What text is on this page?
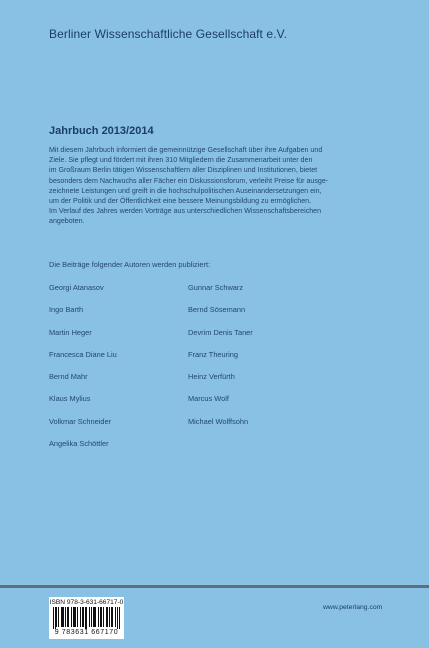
Berliner Wissenschaftliche Gesellschaft e.V.
Jahrbuch 2013/2014
Mit diesem Jahrbuch informiert die gemeinnützige Gesellschaft über ihre Aufgaben und
Ziele. Sie pflegt und fördert mit ihren 310 Mitgliedern die Zusammenarbeit unter den
im Großraum Berlin tätigen Wissenschaftlern aller Disziplinen und Institutionen, bietet
besonders dem Nachwuchs aller Fächer ein Diskussionsforum, verleiht Preise für ausge-
zeichnete Leistungen und greift in die hochschulpolitischen Auseinandersetzungen ein,
um der Politik und der Öffentlichkeit eine bessere Meinungsbildung zu ermöglichen.
Im Verlauf des Jahres werden Vorträge aus unterschiedlichen Wissenschaftsbereichen
angeboten.
Die Beiträge folgender Autoren werden publiziert:
Georgi Atanasov
Ingo Barth
Martin Heger
Francesca Diane Liu
Bernd Mahr
Klaus Mylius
Volkmar Schneider
Angelika Schöttler
Gunnar Schwarz
Bernd Sösemann
Devrim Denis Taner
Franz Theuring
Heinz Verfürth
Marcus Wolf
Michael Wolffsohn
ISBN 978-3-631-66717-0
9 783631 667170
www.peterlang.com
